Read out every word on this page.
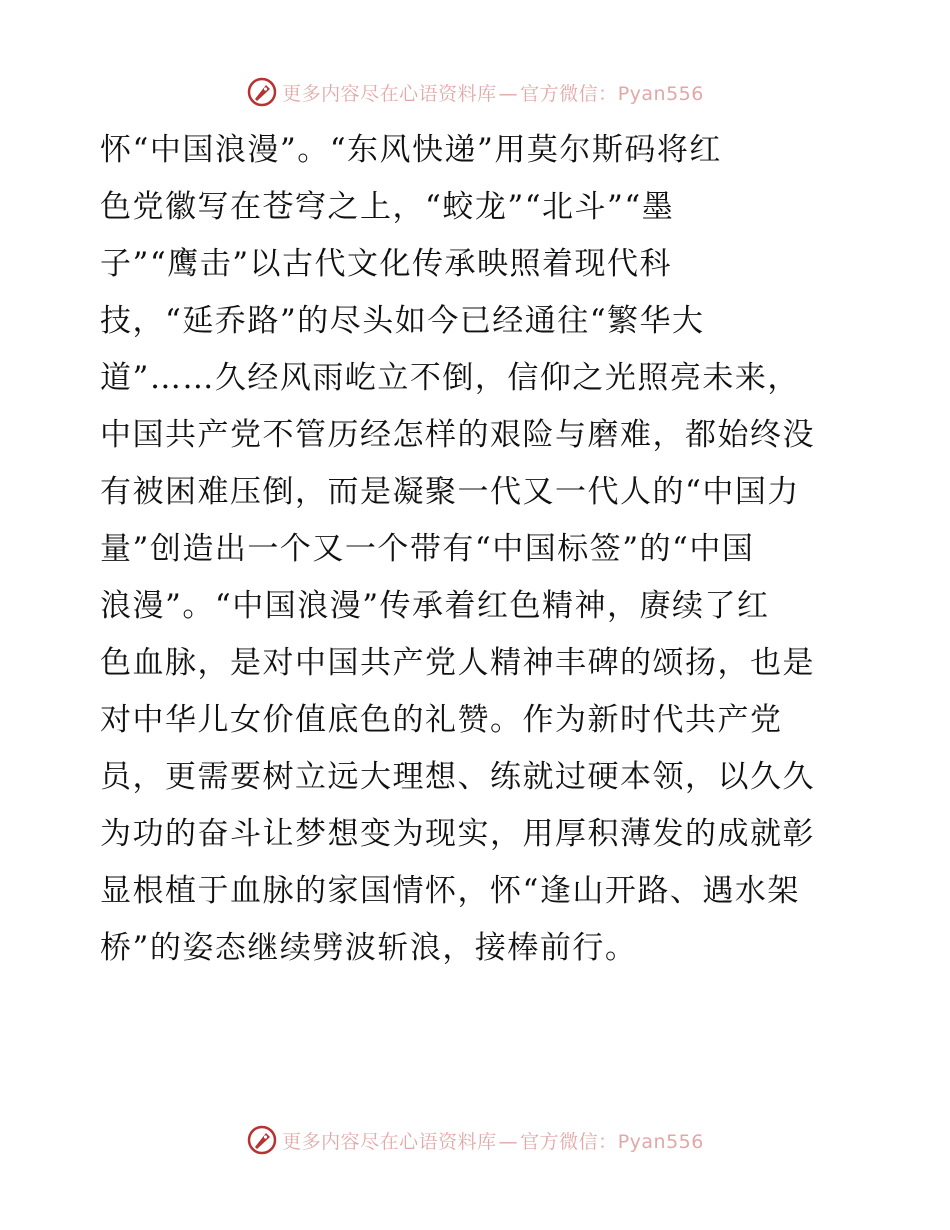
更多内容尽在心语资料库 — 官方微信：Pyan556
怀“中国浪漫”。“东风快递”用莫尔斯码将红
色党徽写在苍穹之上，“蛟龙”“北斗”“墨
子”“鹰击”以古代文化传承映照着现代科
技，“延乔路”的尽头如今已经通往“繁华大
道”……久经风雨屹立不倒，信仰之光照亮未来，
中国共产党不管历经怎样的艰险与磨难，都始终没
有被困难压倒，而是凝聚一代又一代人的“中国力
量”创造出一个又一个带有“中国标签”的“中国
浪漫”。“中国浪漫”传承着红色精神，赓续了红
色血脉，是对中国共产党人精神丰碑的颂扬，也是
对中华儿女价值底色的礼赞。作为新时代共产党
员，更需要树立远大理想、练就过硬本领，以久久
为功的奋斗让梦想变为现实，用厚积薄发的成就彰
显根植于血脉的家国情怀，怀“逢山开路、遇水架
桥”的姿态继续劈波斩浪，接棒前行。
更多内容尽在心语资料库 — 官方微信：Pyan556
